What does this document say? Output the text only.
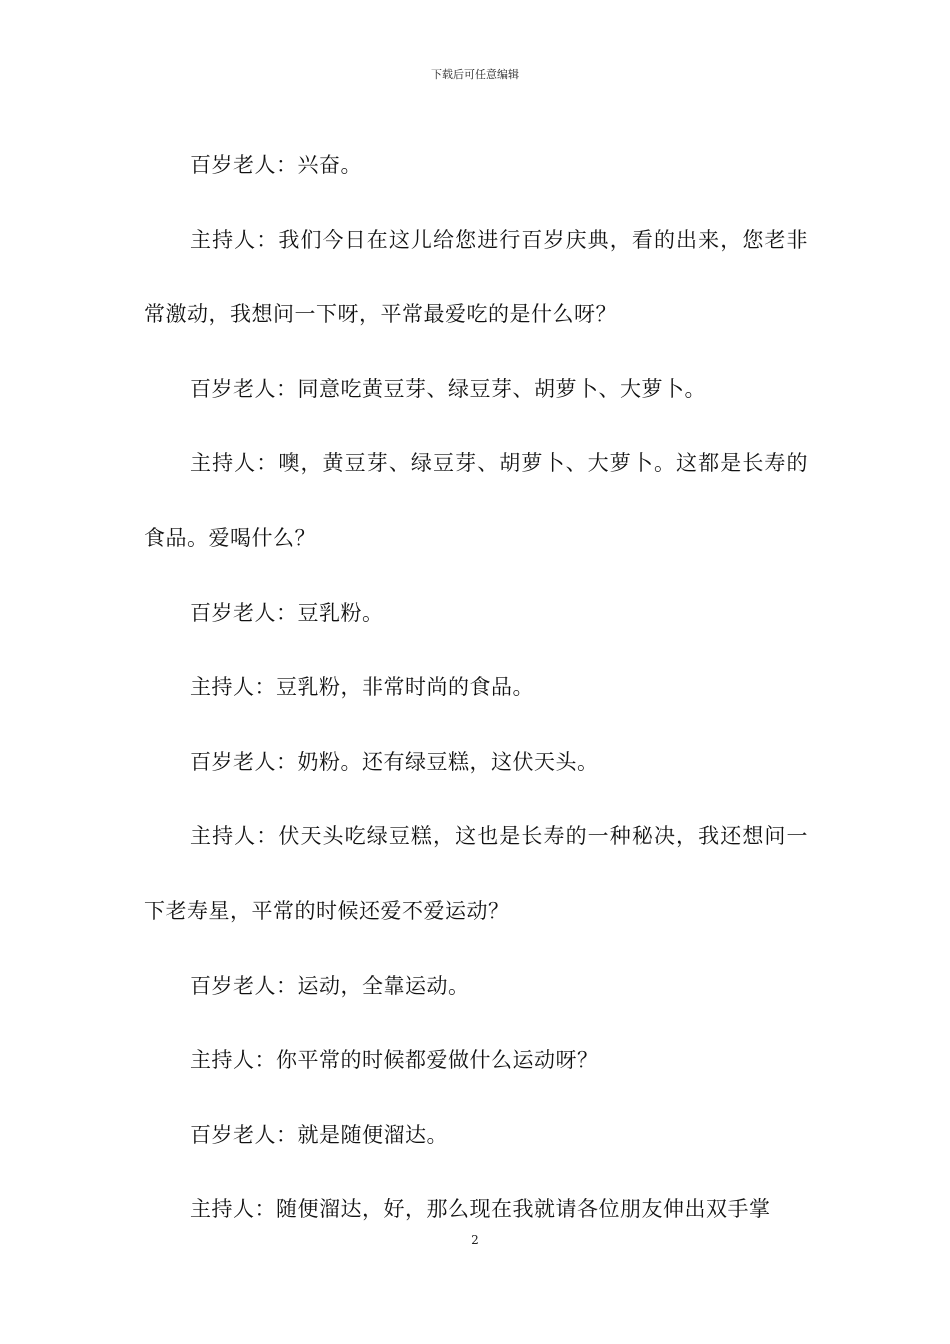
下载后可任意编辑

百岁老人：兴奋。

主持人：我们今日在这儿给您进行百岁庆典，看的出来，您老非常激动，我想问一下呀，平常最爱吃的是什么呀？

百岁老人：同意吃黄豆芽、绿豆芽、胡萝卜、大萝卜。

主持人：噢，黄豆芽、绿豆芽、胡萝卜、大萝卜。这都是长寿的食品。爱喝什么？

百岁老人：豆乳粉。

主持人：豆乳粉，非常时尚的食品。

百岁老人：奶粉。还有绿豆糕，这伏天头。

主持人：伏天头吃绿豆糕，这也是长寿的一种秘决，我还想问一下老寿星，平常的时候还爱不爱运动？

百岁老人：运动，全靠运动。

主持人：你平常的时候都爱做什么运动呀？

百岁老人：就是随便溜达。

主持人：随便溜达，好，那么现在我就请各位朋友伸出双手掌

2
